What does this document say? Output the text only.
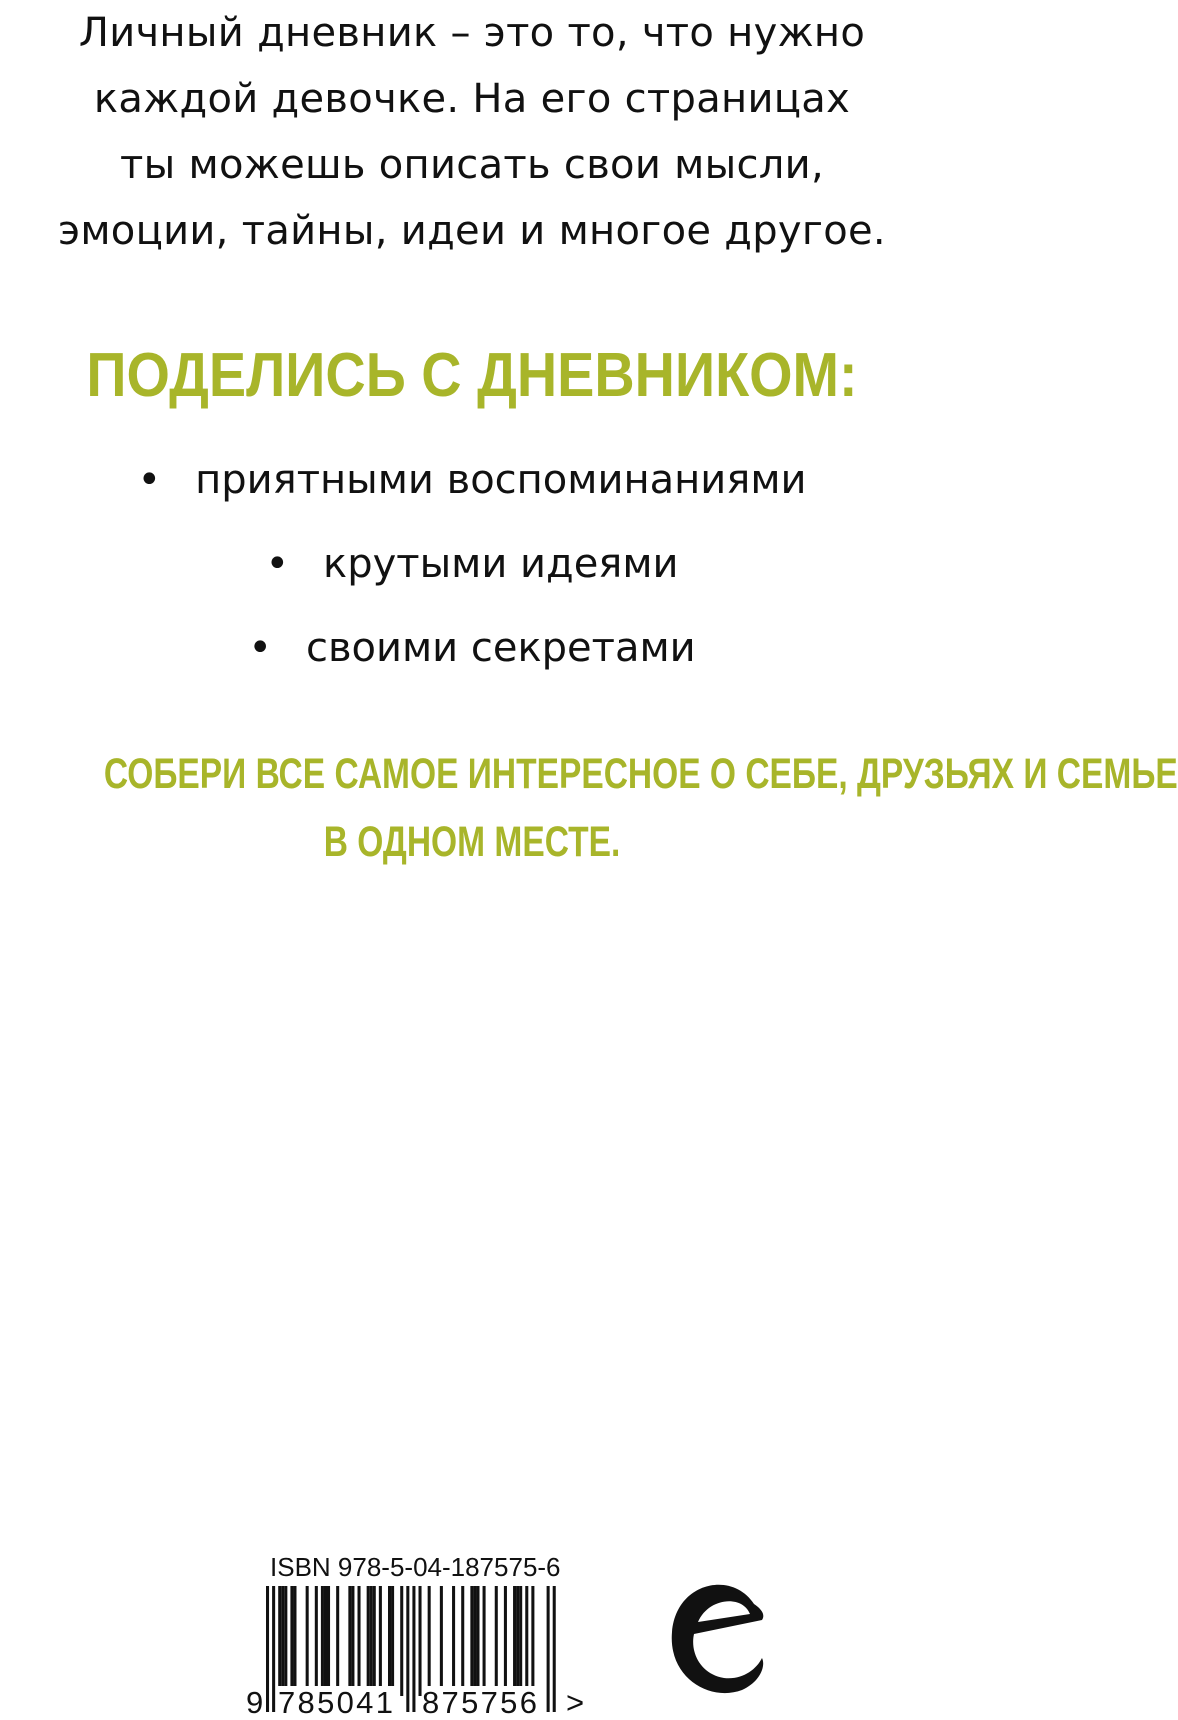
Личный дневник – это то, что нужно
каждой девочке. На его страницах
ты можешь описать свои мысли,
эмоции, тайны, идеи и многое другое.
ПОДЕЛИСЬ С ДНЕВНИКОМ:
• приятными воспоминаниями
• крутыми идеями
• своими секретами
СОБЕРИ ВСЕ САМОЕ ИНТЕРЕСНОЕ О СЕБЕ, ДРУЗЬЯХ И СЕМЬЕ
В ОДНОМ МЕСТЕ.
ISBN 978-5-04-187575-6
9 785041 875756 >
